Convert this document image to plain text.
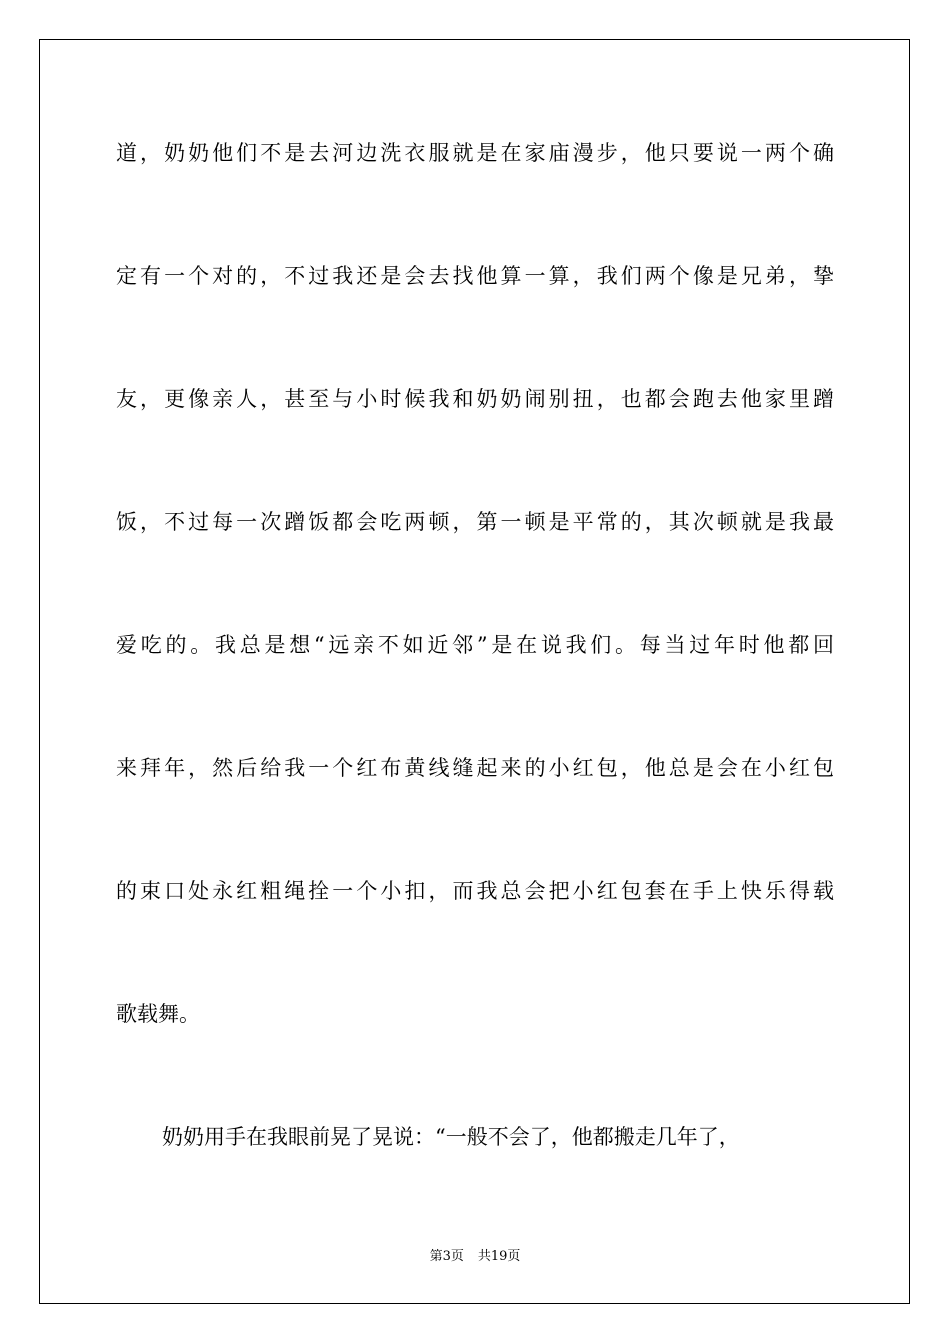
道，奶奶他们不是去河边洗衣服就是在家庙漫步，他只要说一两个确

定有一个对的，不过我还是会去找他算一算，我们两个像是兄弟，挚

友，更像亲人，甚至与小时候我和奶奶闹别扭，也都会跑去他家里蹭

饭，不过每一次蹭饭都会吃两顿，第一顿是平常的，其次顿就是我最

爱吃的。我总是想“远亲不如近邻”是在说我们。每当过年时他都回

来拜年，然后给我一个红布黄线缝起来的小红包，他总是会在小红包

的束口处永红粗绳拴一个小扣，而我总会把小红包套在手上快乐得载

歌载舞。

奶奶用手在我眼前晃了晃说：“一般不会了，他都搬走几年了，

第3页 共19页
